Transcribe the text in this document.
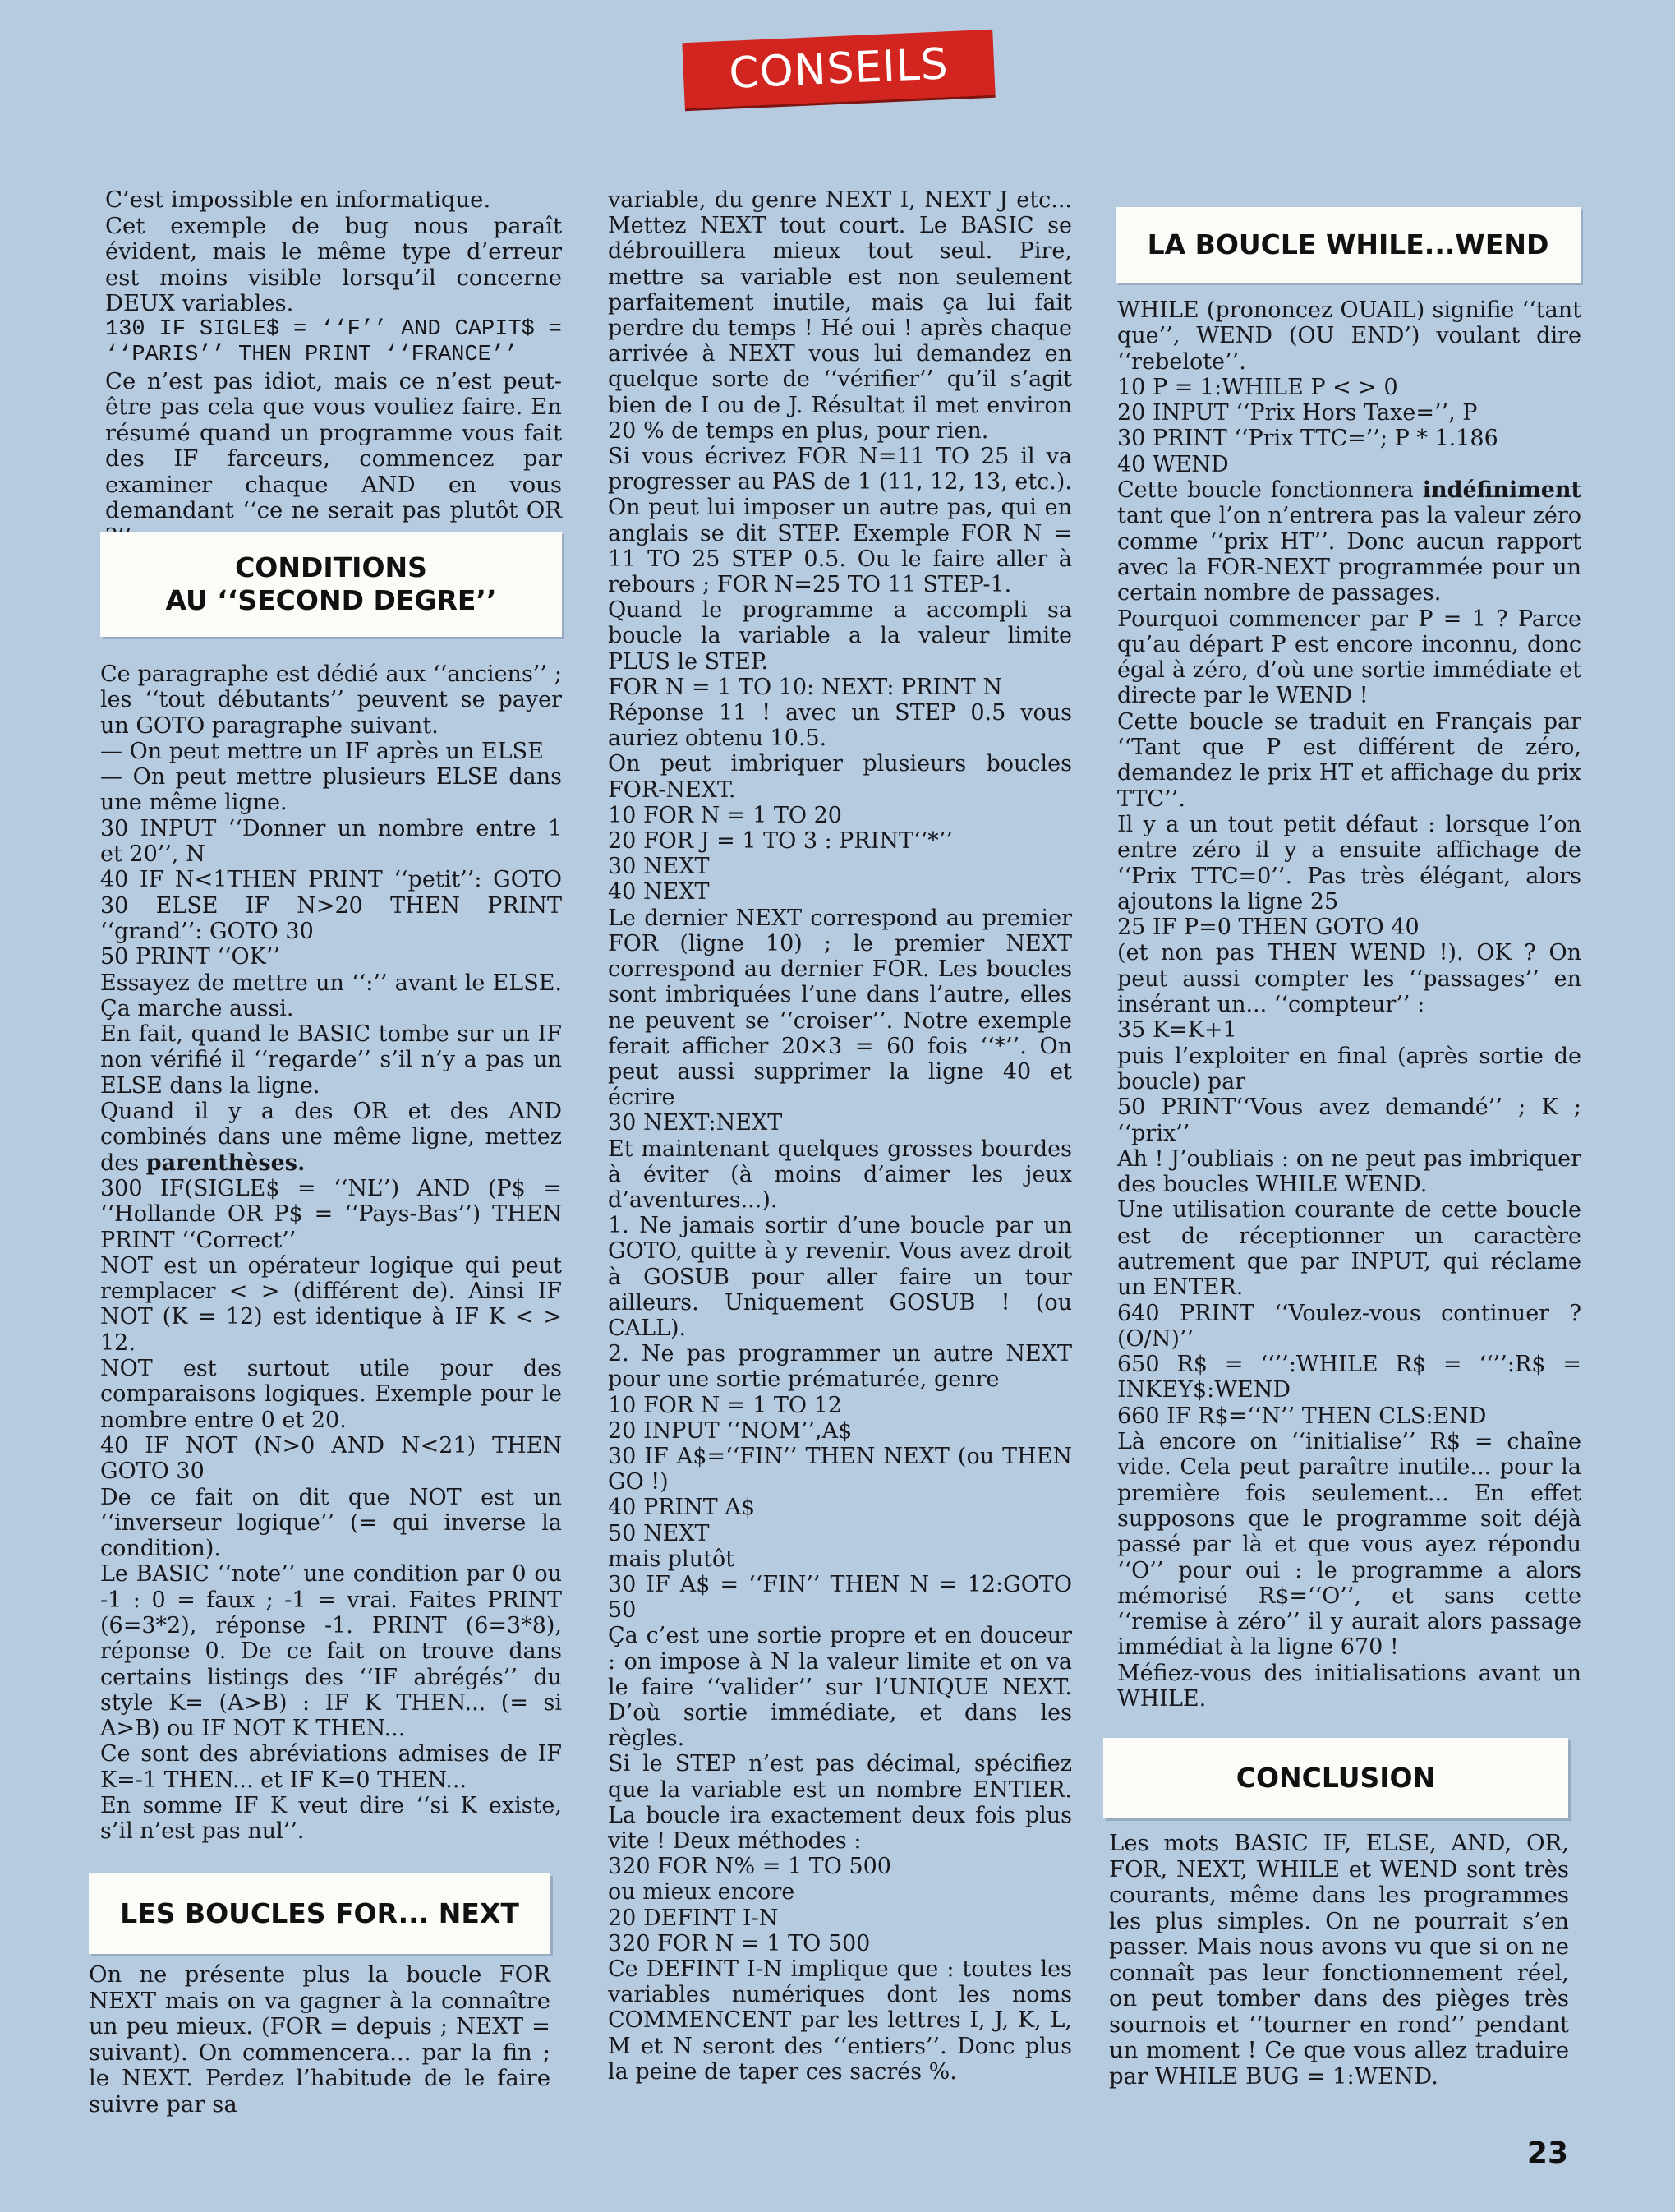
CONSEILS

C’est impossible en informatique.

Cet exemple de bug nous paraît évident, mais le même type d’erreur est moins visible lorsqu’il concerne DEUX variables.

130 IF SIGLE$ = ‘‘F’’ AND CAPIT$ = ‘‘PARIS’’ THEN PRINT ‘‘FRANCE’’

Ce n’est pas idiot, mais ce n’est peut-être pas cela que vous vouliez faire. En résumé quand un programme vous fait des IF farceurs, commencez par examiner chaque AND en vous demandant ‘‘ce ne serait pas plutôt OR

CONDITIONS
AU ‘‘SECOND DEGRE’’

Ce paragraphe est dédié aux ‘‘anciens’’ ; les ‘‘tout débutants’’ peuvent se payer un GOTO paragraphe suivant.

— On peut mettre un IF après un ELSE

— On peut mettre plusieurs ELSE dans une même ligne.

30 INPUT ‘‘Donner un nombre entre 1 et 20’’, N

40 IF N<1THEN PRINT ‘‘petit’’: GOTO 30 ELSE IF N>20 THEN PRINT ‘‘grand’’: GOTO 30

50 PRINT ‘‘OK’’

Essayez de mettre un ‘‘:’’ avant le ELSE. Ça marche aussi.

En fait, quand le BASIC tombe sur un IF non vérifié il ‘‘regarde’’ s’il n’y a pas un ELSE dans la ligne.

Quand il y a des OR et des AND combinés dans une même ligne, mettez des parenthèses.

300 IF(SIGLE$ = ‘‘NL’’) AND (P$ = ‘‘Hollande OR P$ = ‘‘Pays-Bas’’) THEN PRINT ‘‘Correct’’

NOT est un opérateur logique qui peut remplacer < > (différent de). Ainsi IF NOT (K = 12) est identique à IF K < > 12.

NOT est surtout utile pour des comparaisons logiques. Exemple pour le nombre entre 0 et 20.

40 IF NOT (N>0 AND N<21) THEN GOTO 30

De ce fait on dit que NOT est un ‘‘inverseur logique’’ (= qui inverse la condition).

Le BASIC ‘‘note’’ une condition par 0 ou -1 : 0 = faux ; -1 = vrai. Faites PRINT (6=3*2), réponse -1. PRINT (6=3*8), réponse 0. De ce fait on trouve dans certains listings des ‘‘IF abrégés’’ du style K= (A>B) : IF K THEN... (= si A>B) ou IF NOT K THEN...

Ce sont des abréviations admises de IF K=-1 THEN... et IF K=0 THEN...

En somme IF K veut dire ‘‘si K existe, s’il n’est pas nul’’.

LES BOUCLES FOR... NEXT

On ne présente plus la boucle FOR NEXT mais on va gagner à la connaître un peu mieux. (FOR = depuis ; NEXT = suivant). On commencera... par la fin ; le NEXT. Perdez l’habitude de le faire suivre par sa

variable, du genre NEXT I, NEXT J etc... Mettez NEXT tout court. Le BASIC se débrouillera mieux tout seul. Pire, mettre sa variable est non seulement parfaitement inutile, mais ça lui fait perdre du temps ! Hé oui ! après chaque arrivée à NEXT vous lui demandez en quelque sorte de ‘‘vérifier’’ qu’il s’agit bien de I ou de J. Résultat il met environ 20 % de temps en plus, pour rien.

Si vous écrivez FOR N=11 TO 25 il va progresser au PAS de 1 (11, 12, 13, etc.). On peut lui imposer un autre pas, qui en anglais se dit STEP. Exemple FOR N = 11 TO 25 STEP 0.5. Ou le faire aller à rebours ; FOR N=25 TO 11 STEP-1.

Quand le programme a accompli sa boucle la variable a la valeur limite PLUS le STEP.

FOR N = 1 TO 10: NEXT: PRINT N

Réponse 11 ! avec un STEP 0.5 vous auriez obtenu 10.5.

On peut imbriquer plusieurs boucles FOR-NEXT.

10 FOR N = 1 TO 20

20 FOR J = 1 TO 3 : PRINT‘‘*’’

30 NEXT

40 NEXT

Le dernier NEXT correspond au premier FOR (ligne 10) ; le premier NEXT correspond au dernier FOR. Les boucles sont imbriquées l’une dans l’autre, elles ne peuvent se ‘‘croiser’’. Notre exemple ferait afficher 20×3 = 60 fois ‘‘*’’. On peut aussi supprimer la ligne 40 et écrire

30 NEXT:NEXT

Et maintenant quelques grosses bourdes à éviter (à moins d’aimer les jeux d’aventures...).

1. Ne jamais sortir d’une boucle par un GOTO, quitte à y revenir. Vous avez droit à GOSUB pour aller faire un tour ailleurs. Uniquement GOSUB ! (ou CALL).

2. Ne pas programmer un autre NEXT pour une sortie prématurée, genre

10 FOR N = 1 TO 12

20 INPUT ‘‘NOM’’,A$

30 IF A$=‘‘FIN’’ THEN NEXT (ou THEN GO !)

40 PRINT A$

50 NEXT

mais plutôt

30 IF A$ = ‘‘FIN’’ THEN N = 12:GOTO 50

Ça c’est une sortie propre et en douceur : on impose à N la valeur limite et on va le faire ‘‘valider’’ sur l’UNIQUE NEXT. D’où sortie immédiate, et dans les règles.

Si le STEP n’est pas décimal, spécifiez que la variable est un nombre ENTIER. La boucle ira exactement deux fois plus vite ! Deux méthodes :

320 FOR N% = 1 TO 500

ou mieux encore

20 DEFINT I-N

320 FOR N = 1 TO 500

Ce DEFINT I-N implique que : toutes les variables numériques dont les noms COMMENCENT par les lettres I, J, K, L, M et N seront des ‘‘entiers’’. Donc plus la peine de taper ces sacrés %.

LA BOUCLE WHILE...WEND

WHILE (prononcez OUAIL) signifie ‘‘tant que’’, WEND (OU END’) voulant dire ‘‘rebelote’’.

10 P = 1:WHILE P < > 0

20 INPUT ‘‘Prix Hors Taxe=’’, P

30 PRINT ‘‘Prix TTC=’’; P * 1.186

40 WEND

Cette boucle fonctionnera indéfiniment tant que l’on n’entrera pas la valeur zéro comme ‘‘prix HT’’. Donc aucun rapport avec la FOR-NEXT programmée pour un certain nombre de passages.

Pourquoi commencer par P = 1 ? Parce qu’au départ P est encore inconnu, donc égal à zéro, d’où une sortie immédiate et directe par le WEND !

Cette boucle se traduit en Français par ‘‘Tant que P est différent de zéro, demandez le prix HT et affichage du prix TTC’’.

Il y a un tout petit défaut : lorsque l’on entre zéro il y a ensuite affichage de ‘‘Prix TTC=0’’. Pas très élégant, alors ajoutons la ligne 25

25 IF P=0 THEN GOTO 40

(et non pas THEN WEND !). OK ? On peut aussi compter les ‘‘passages’’ en insérant un... ‘‘compteur’’ :

35 K=K+1

puis l’exploiter en final (après sortie de boucle) par

50 PRINT‘‘Vous avez demandé’’ ; K ; ‘‘prix’’

Ah ! J’oubliais : on ne peut pas imbriquer des boucles WHILE WEND.

Une utilisation courante de cette boucle est de réceptionner un caractère autrement que par INPUT, qui réclame un ENTER.

640 PRINT ‘‘Voulez-vous continuer ? (O/N)’’

650 R$ = ‘‘’’:WHILE R$ = ‘‘’’:R$ = INKEY$:WEND

660 IF R$=‘‘N’’ THEN CLS:END

Là encore on ‘‘initialise’’ R$ = chaîne vide. Cela peut paraître inutile... pour la première fois seulement... En effet supposons que le programme soit déjà passé par là et que vous ayez répondu ‘‘O’’ pour oui : le programme a alors mémorisé R$=‘‘O’’, et sans cette ‘‘remise à zéro’’ il y aurait alors passage immédiat à la ligne 670 !

Méfiez-vous des initialisations avant un WHILE.

CONCLUSION

Les mots BASIC IF, ELSE, AND, OR, FOR, NEXT, WHILE et WEND sont très courants, même dans les programmes les plus simples. On ne pourrait s’en passer. Mais nous avons vu que si on ne connaît pas leur fonctionnement réel, on peut tomber dans des pièges très sournois et ‘‘tourner en rond’’ pendant un moment ! Ce que vous allez traduire par WHILE BUG = 1:WEND.

23
